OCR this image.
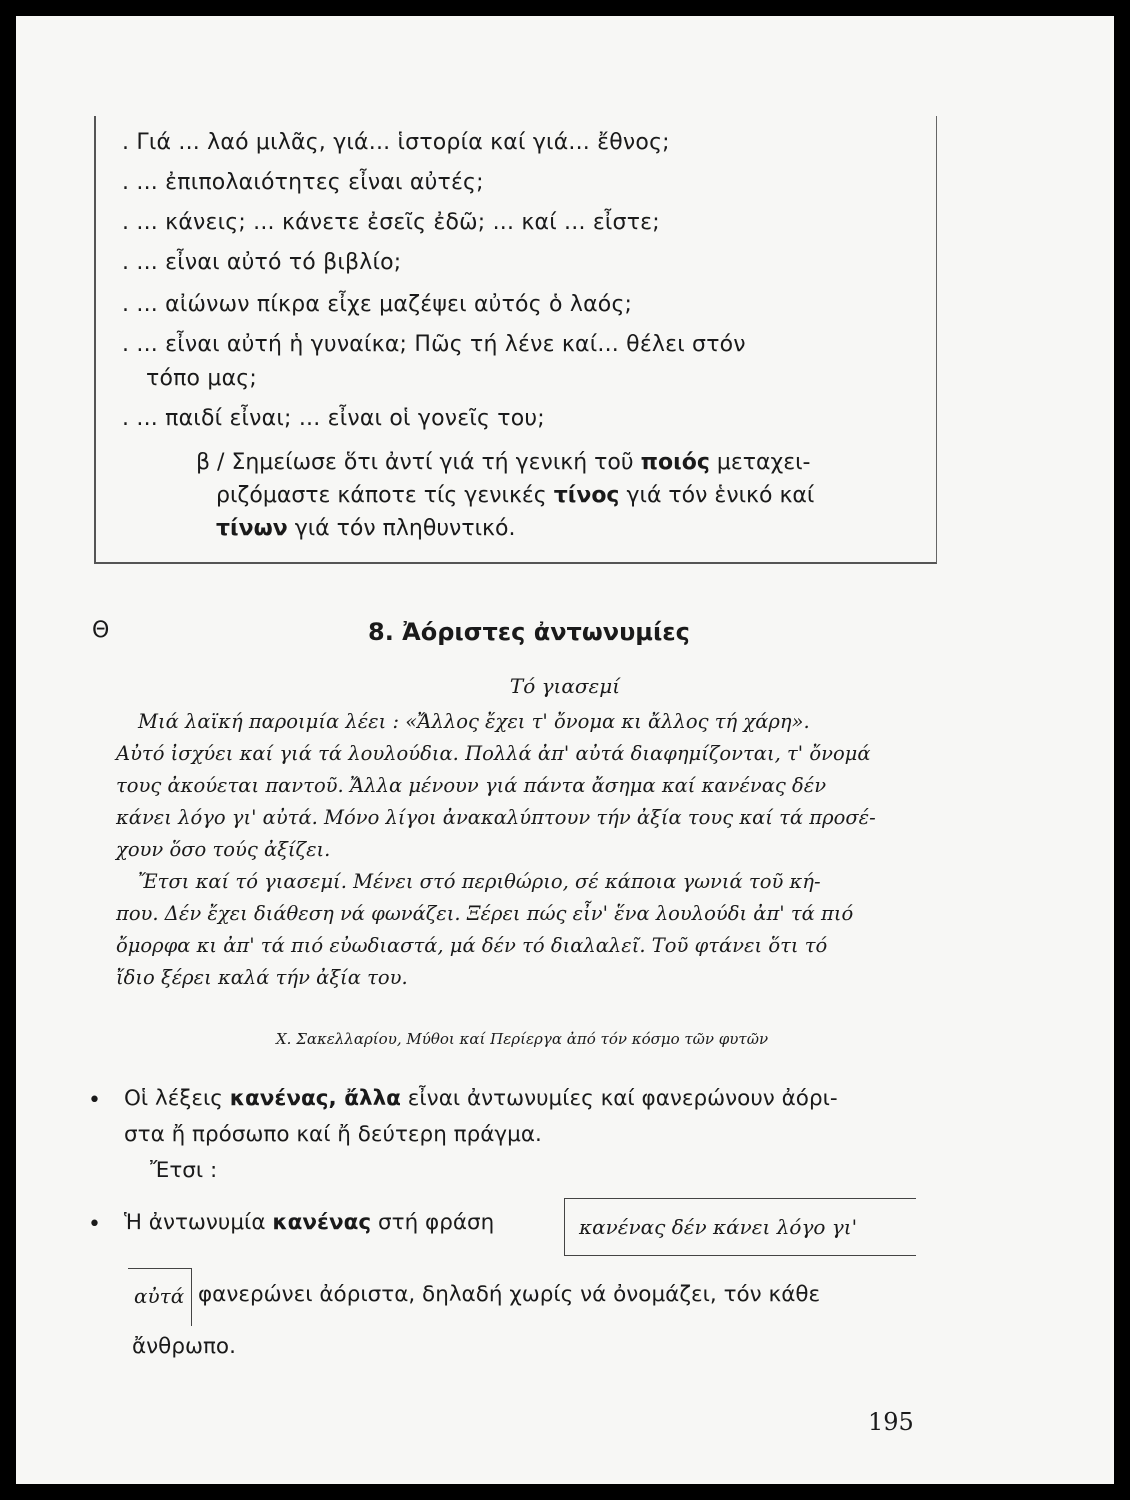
. Γιά ... λαό μιλᾶς, γιά... ἱστορία καί γιά... ἔθνος;
. ... ἐπιπολαιότητες εἶναι αὐτές;
. ... κάνεις; ... κάνετε ἐσεῖς ἐδῶ; ... καί ... εἶστε;
. ... εἶναι αὐτό τό βιβλίο;
. ... αἰώνων πίκρα εἶχε μαζέψει αὐτός ὁ λαός;
. ... εἶναι αὐτή ἡ γυναίκα; Πῶς τή λένε καί... θέλει στόν
τόπο μας;
. ... παιδί εἶναι; ... εἶναι οἱ γονεῖς του;
β / Σημείωσε ὅτι ἀντί γιά τή γενική τοῦ ποιός μεταχει-
ριζόμαστε κάποτε τίς γενικές τίνος γιά τόν ἑνικό καί
τίνων γιά τόν πληθυντικό.
Θ	8. Ἀόριστες ἀντωνυμίες
Τό γιασεμί
Μιά λαϊκή παροιμία λέει : «Ἄλλος ἔχει τ' ὄνομα κι ἄλλος τή χάρη».
Αὐτό ἰσχύει καί γιά τά λουλούδια. Πολλά ἀπ' αὐτά διαφημίζονται, τ' ὄνομά
τους ἀκούεται παντοῦ. Ἄλλα μένουν γιά πάντα ἄσημα καί κανένας δέν
κάνει λόγο γι' αὐτά. Μόνο λίγοι ἀνακαλύπτουν τήν ἀξία τους καί τά προσέ-
χουν ὅσο τούς ἀξίζει.
Ἔτσι καί τό γιασεμί. Μένει στό περιθώριο, σέ κάποια γωνιά τοῦ κή-
που. Δέν ἔχει διάθεση νά φωνάζει. Ξέρει πώς εἶν' ἕνα λουλούδι ἀπ' τά πιό
ὄμορφα κι ἀπ' τά πιό εὐωδιαστά, μά δέν τό διαλαλεῖ. Τοῦ φτάνει ὅτι τό
ἴδιο ξέρει καλά τήν ἀξία του.
Χ. Σακελλαρίου, Μύθοι καί Περίεργα ἀπό τόν κόσμο τῶν φυτῶν
• Οἱ λέξεις κανένας, ἄλλα εἶναι ἀντωνυμίες καί φανερώνουν ἀόρι-
στα ἤ πρόσωπο καί ἤ δεύτερη πράγμα.
Ἔτσι :
• Ἡ ἀντωνυμία κανένας στή φράση	κανένας δέν κάνει λόγο γι'
αὐτά φανερώνει ἀόριστα, δηλαδή χωρίς νά ὀνομάζει, τόν κάθε
ἄνθρωπο.
195
